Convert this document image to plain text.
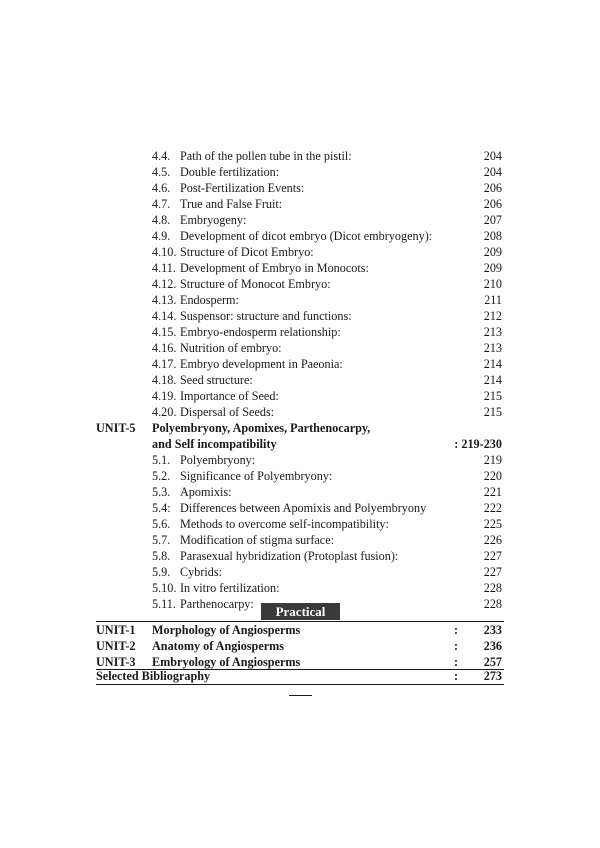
4.4. Path of the pollen tube in the pistil:	204
4.5. Double fertilization:	204
4.6. Post-Fertilization Events:	206
4.7. True and False Fruit:	206
4.8. Embryogeny:	207
4.9. Development of dicot embryo (Dicot embryogeny):	208
4.10. Structure of Dicot Embryo:	209
4.11. Development of Embryo in Monocots:	209
4.12. Structure of Monocot Embryo:	210
4.13. Endosperm:	211
4.14. Suspensor: structure and functions:	212
4.15. Embryo-endosperm relationship:	213
4.16. Nutrition of embryo:	213
4.17. Embryo development in Paeonia:	214
4.18. Seed structure:	214
4.19. Importance of Seed:	215
4.20. Dispersal of Seeds:	215
UNIT-5 Polyembryony, Apomixes, Parthenocarpy,
and Self incompatibility	: 219-230
5.1. Polyembryony:	219
5.2. Significance of Polyembryony:	220
5.3. Apomixis:	221
5.4: Differences between Apomixis and Polyembryony	222
5.6. Methods to overcome self-incompatibility:	225
5.7. Modification of stigma surface:	226
5.8. Parasexual hybridization (Protoplast fusion):	227
5.9. Cybrids:	227
5.10. In vitro fertilization:	228
5.11. Parthenocarpy:	228
Practical
UNIT-1 Morphology of Angiosperms	: 233
UNIT-2 Anatomy of Angiosperms	: 236
UNIT-3 Embryology of Angiosperms	: 257
Selected Bibliography	: 273
